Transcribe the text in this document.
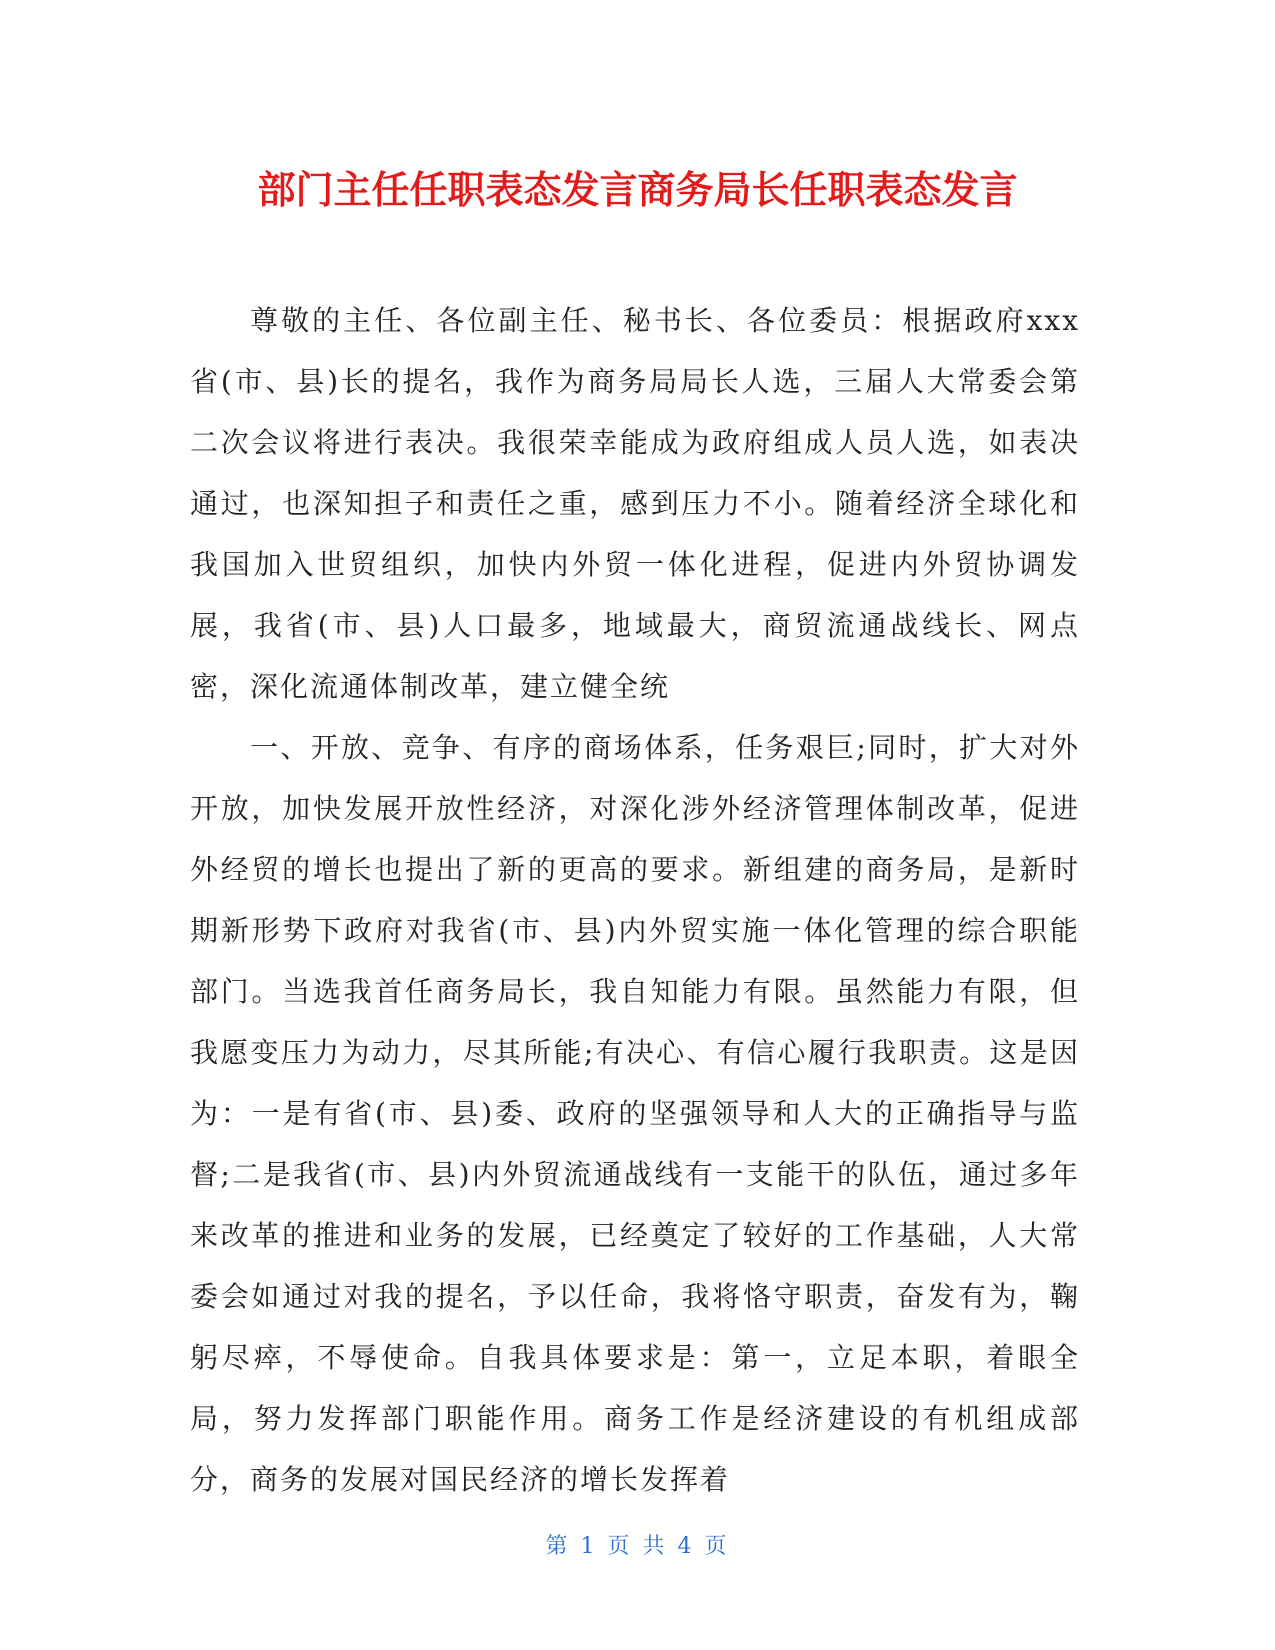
部门主任任职表态发言商务局长任职表态发言

尊敬的主任、各位副主任、秘书长、各位委员：根据政府xxx省(市、县)长的提名，我作为商务局局长人选，三届人大常委会第二次会议将进行表决。我很荣幸能成为政府组成人员人选，如表决通过，也深知担子和责任之重，感到压力不小。随着经济全球化和我国加入世贸组织，加快内外贸一体化进程，促进内外贸协调发展，我省(市、县)人口最多，地域最大，商贸流通战线长、网点密，深化流通体制改革，建立健全统

一、开放、竞争、有序的商场体系，任务艰巨;同时，扩大对外开放，加快发展开放性经济，对深化涉外经济管理体制改革，促进外经贸的增长也提出了新的更高的要求。新组建的商务局，是新时期新形势下政府对我省(市、县)内外贸实施一体化管理的综合职能部门。当选我首任商务局长，我自知能力有限。虽然能力有限，但我愿变压力为动力，尽其所能;有决心、有信心履行我职责。这是因为：一是有省(市、县)委、政府的坚强领导和人大的正确指导与监督;二是我省(市、县)内外贸流通战线有一支能干的队伍，通过多年来改革的推进和业务的发展，已经奠定了较好的工作基础，人大常委会如通过对我的提名，予以任命，我将恪守职责，奋发有为，鞠躬尽瘁，不辱使命。自我具体要求是：第一，立足本职，着眼全局，努力发挥部门职能作用。商务工作是经济建设的有机组成部分，商务的发展对国民经济的增长发挥着

第 1 页 共 4 页
